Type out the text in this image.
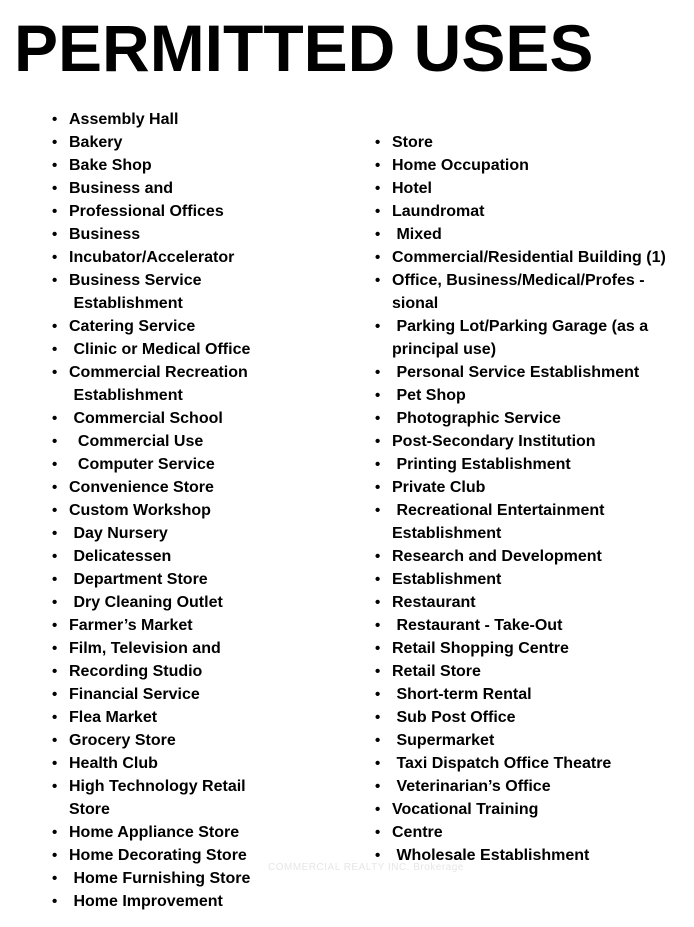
PERMITTED USES
• Assembly Hall
• Bakery
• Bake Shop
• Business and
• Professional Offices
• Business
• Incubator/Accelerator
• Business Service
Establishment
• Catering Service
• Clinic or Medical Office
• Commercial Recreation
Establishment
• Commercial School
• Commercial Use
• Computer Service
• Convenience Store
• Custom Workshop
• Day Nursery
• Delicatessen
• Department Store
• Dry Cleaning Outlet
• Farmer’s Market
• Film, Television and
• Recording Studio
• Financial Service
• Flea Market
• Grocery Store
• Health Club
• High Technology Retail
Store
• Home Appliance Store
• Home Decorating Store
• Home Furnishing Store
• Home Improvement
• Store
• Home Occupation
• Hotel
• Laundromat
• Mixed
• Commercial/Residential Building (1)
• Office, Business/Medical/Profes -
sional
• Parking Lot/Parking Garage (as a
principal use)
• Personal Service Establishment
• Pet Shop
• Photographic Service
• Post-Secondary Institution
• Printing Establishment
• Private Club
• Recreational Entertainment
Establishment
• Research and Development
• Establishment
• Restaurant
• Restaurant - Take-Out
• Retail Shopping Centre
• Retail Store
• Short-term Rental
• Sub Post Office
• Supermarket
• Taxi Dispatch Office Theatre
• Veterinarian’s Office
• Vocational Training
• Centre
• Wholesale Establishment
COMMERCIAL REALTY INC. Brokerage
